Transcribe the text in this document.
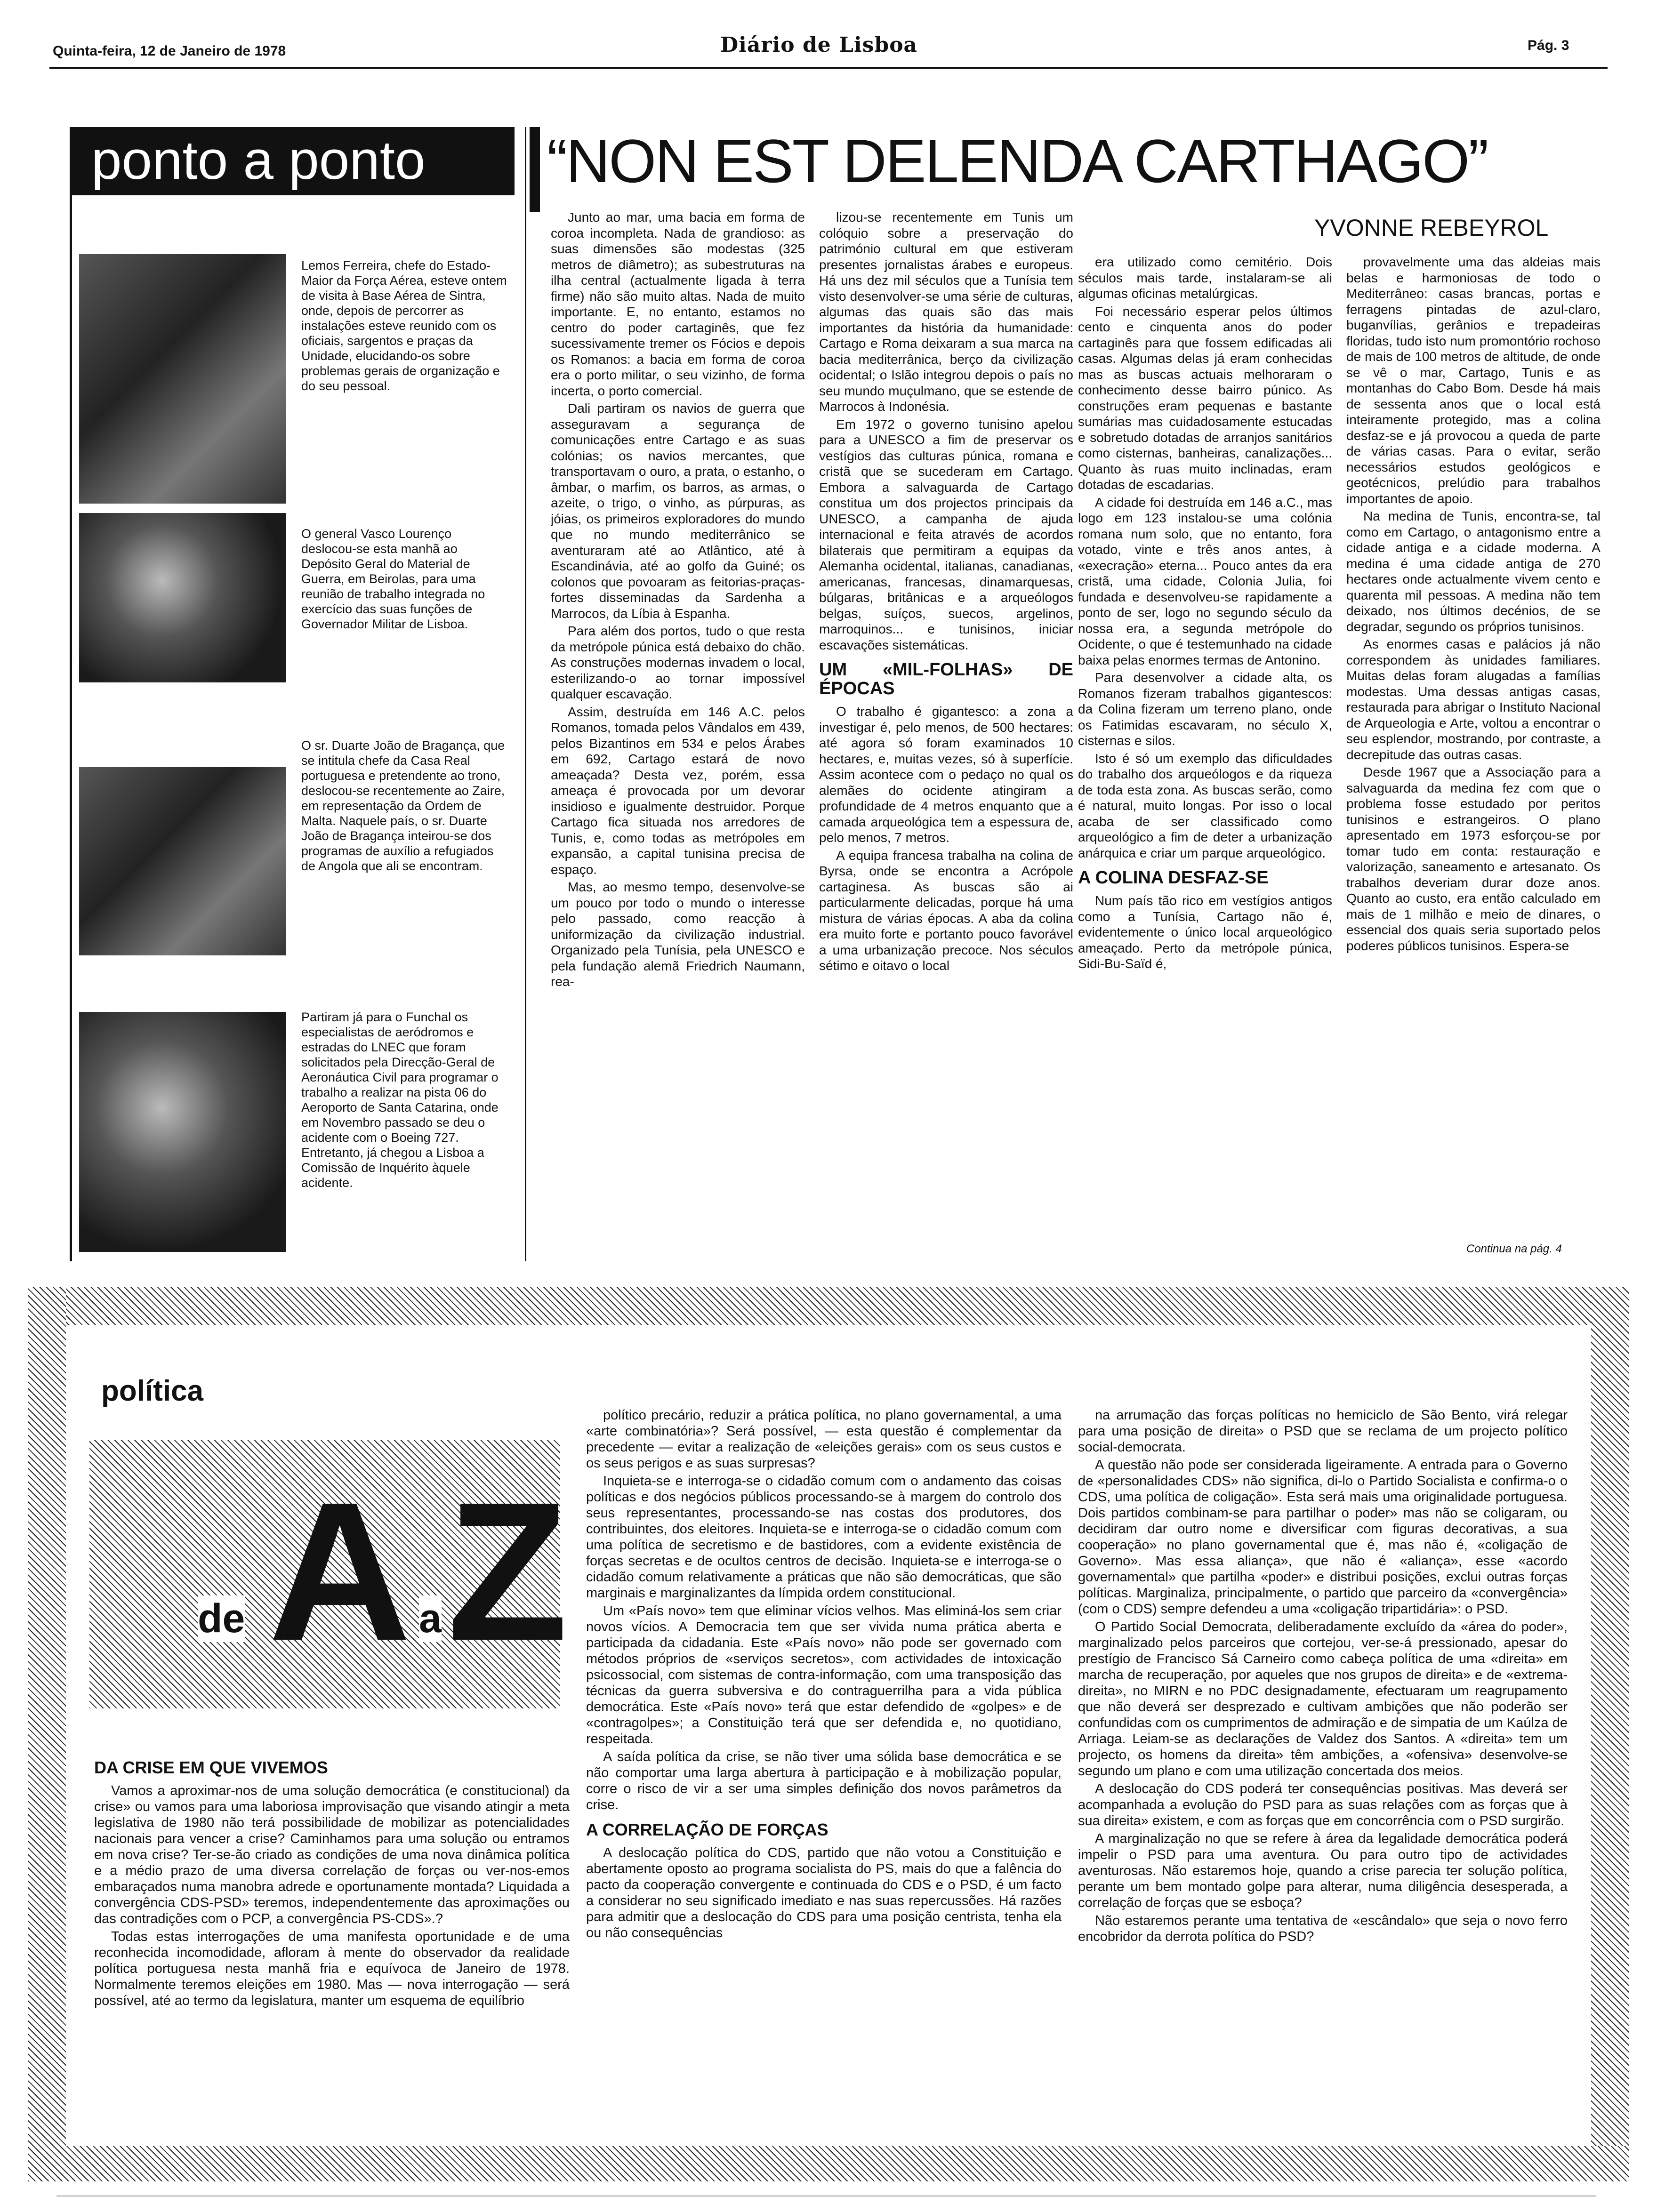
Quinta-feira, 12 de Janeiro de 1978	Diário de Lisboa	Pág. 3
ponto a ponto
Lemos Ferreira, chefe do Estado-Maior da Força Aérea, esteve ontem de visita à Base Aérea de Sintra, onde, depois de percorrer as instalações esteve reunido com os oficiais, sargentos e praças da Unidade, elucidando-os sobre problemas gerais de organização e do seu pessoal.
O general Vasco Lourenço deslocou-se esta manhã ao Depósito Geral do Material de Guerra, em Beirolas, para uma reunião de trabalho integrada no exercício das suas funções de Governador Militar de Lisboa.
O sr. Duarte João de Bragança, que se intitula chefe da Casa Real portuguesa e pretendente ao trono, deslocou-se recentemente ao Zaire, em representação da Ordem de Malta. Naquele país, o sr. Duarte João de Bragança inteirou-se dos programas de auxílio a refugiados de Angola que ali se encontram.
Partiram já para o Funchal os especialistas de aeródromos e estradas do LNEC que foram solicitados pela Direcção-Geral de Aeronáutica Civil para programar o trabalho a realizar na pista 06 do Aeroporto de Santa Catarina, onde em Novembro passado se deu o acidente com o Boeing 727. Entretanto, já chegou a Lisboa a Comissão de Inquérito àquele acidente.
“NON EST DELENDA CARTHAGO”
YVONNE REBEYROL

Junto ao mar, uma bacia em forma de coroa incompleta. Nada de grandioso: as suas dimensões são modestas (325 metros de diâmetro); as subestruturas na ilha central (actualmente ligada à terra firme) não são muito altas. Nada de muito importante. E, no entanto, estamos no centro do poder cartaginês, que fez sucessivamente tremer os Fócios e depois os Romanos: a bacia em forma de coroa era o porto militar, o seu vizinho, de forma incerta, o porto comercial.

Dali partiram os navios de guerra que asseguravam a segurança de comunicações entre Cartago e as suas colónias; os navios mercantes, que transportavam o ouro, a prata, o estanho, o âmbar, o marfim, os barros, as armas, o azeite, o trigo, o vinho, as púrpuras, as jóias, os primeiros exploradores do mundo que no mundo mediterrânico se aventuraram até ao Atlântico, até à Escandinávia, até ao golfo da Guiné; os colonos que povoaram as feitorias-praças-fortes disseminadas da Sardenha a Marrocos, da Líbia à Espanha.

Para além dos portos, tudo o que resta da metrópole púnica está debaixo do chão. As construções modernas invadem o local, esterilizando-o ao tornar impossível qualquer escavação.

Assim, destruída em 146 A.C. pelos Romanos, tomada pelos Vândalos em 439, pelos Bizantinos em 534 e pelos Árabes em 692, Cartago estará de novo ameaçada? Desta vez, porém, essa ameaça é provocada por um devorar insidioso e igualmente destruidor. Porque Cartago fica situada nos arredores de Tunis, e, como todas as metrópoles em expansão, a capital tunisina precisa de espaço.

Mas, ao mesmo tempo, desenvolve-se um pouco por todo o mundo o interesse pelo passado, como reacção à uniformização da civilização industrial. Organizado pela Tunísia, pela UNESCO e pela fundação alemã Friedrich Naumann, rea-

lizou-se recentemente em Tunis um colóquio sobre a preservação do património cultural em que estiveram presentes jornalistas árabes e europeus. Há uns dez mil séculos que a Tunísia tem visto desenvolver-se uma série de culturas, algumas das quais são das mais importantes da história da humanidade: Cartago e Roma deixaram a sua marca na bacia mediterrânica, berço da civilização ocidental; o Islão integrou depois o país no seu mundo muçulmano, que se estende de Marrocos à Indonésia.

Em 1972 o governo tunisino apelou para a UNESCO a fim de preservar os vestígios das culturas púnica, romana e cristã que se sucederam em Cartago. Embora a salvaguarda de Cartago constitua um dos projectos principais da UNESCO, a campanha de ajuda internacional e feita através de acordos bilaterais que permitiram a equipas da Alemanha ocidental, italianas, canadianas, americanas, francesas, dinamarquesas, búlgaras, britânicas e a arqueólogos belgas, suíços, suecos, argelinos, marroquinos... e tunisinos, iniciar escavações sistemáticas.

UM «MIL-FOLHAS» DE ÉPOCAS

O trabalho é gigantesco: a zona a investigar é, pelo menos, de 500 hectares: até agora só foram examinados 10 hectares, e, muitas vezes, só à superfície. Assim acontece com o pedaço no qual os alemães do ocidente atingiram a profundidade de 4 metros enquanto que a camada arqueológica tem a espessura de, pelo menos, 7 metros.

A equipa francesa trabalha na colina de Byrsa, onde se encontra a Acrópole cartaginesa. As buscas são ai particularmente delicadas, porque há uma mistura de várias épocas. A aba da colina era muito forte e portanto pouco favorável a uma urbanização precoce. Nos séculos sétimo e oitavo o local

era utilizado como cemitério. Dois séculos mais tarde, instalaram-se ali algumas oficinas metalúrgicas.

Foi necessário esperar pelos últimos cento e cinquenta anos do poder cartaginês para que fossem edificadas ali casas. Algumas delas já eram conhecidas mas as buscas actuais melhoraram o conhecimento desse bairro púnico. As construções eram pequenas e bastante sumárias mas cuidadosamente estucadas e sobretudo dotadas de arranjos sanitários como cisternas, banheiras, canalizações... Quanto às ruas muito inclinadas, eram dotadas de escadarias.

A cidade foi destruída em 146 a.C., mas logo em 123 instalou-se uma colónia romana num solo, que no entanto, fora votado, vinte e três anos antes, à «execração» eterna... Pouco antes da era cristã, uma cidade, Colonia Julia, foi fundada e desenvolveu-se rapidamente a ponto de ser, logo no segundo século da nossa era, a segunda metrópole do Ocidente, o que é testemunhado na cidade baixa pelas enormes termas de Antonino.

Para desenvolver a cidade alta, os Romanos fizeram trabalhos gigantescos: da Colina fizeram um terreno plano, onde os Fatimidas escavaram, no século X, cisternas e silos.

Isto é só um exemplo das dificuldades do trabalho dos arqueólogos e da riqueza de toda esta zona. As buscas serão, como é natural, muito longas. Por isso o local acaba de ser classificado como arqueológico a fim de deter a urbanização anárquica e criar um parque arqueológico.

A COLINA DESFAZ-SE

Num país tão rico em vestígios antigos como a Tunísia, Cartago não é, evidentemente o único local arqueológico ameaçado. Perto da metrópole púnica, Sidi-Bu-Saïd é,

provavelmente uma das aldeias mais belas e harmoniosas de todo o Mediterrâneo: casas brancas, portas e ferragens pintadas de azul-claro, buganvílias, gerânios e trepadeiras floridas, tudo isto num promontório rochoso de mais de 100 metros de altitude, de onde se vê o mar, Cartago, Tunis e as montanhas do Cabo Bom. Desde há mais de sessenta anos que o local está inteiramente protegido, mas a colina desfaz-se e já provocou a queda de parte de várias casas. Para o evitar, serão necessários estudos geológicos e geotécnicos, prelúdio para trabalhos importantes de apoio.

Na medina de Tunis, encontra-se, tal como em Cartago, o antagonismo entre a cidade antiga e a cidade moderna. A medina é uma cidade antiga de 270 hectares onde actualmente vivem cento e quarenta mil pessoas. A medina não tem deixado, nos últimos decénios, de se degradar, segundo os próprios tunisinos.

As enormes casas e palácios já não correspondem às unidades familiares. Muitas delas foram alugadas a famílias modestas. Uma dessas antigas casas, restaurada para abrigar o Instituto Nacional de Arqueologia e Arte, voltou a encontrar o seu esplendor, mostrando, por contraste, a decrepitude das outras casas.

Desde 1967 que a Associação para a salvaguarda da medina fez com que o problema fosse estudado por peritos tunisinos e estrangeiros. O plano apresentado em 1973 esforçou-se por tomar tudo em conta: restauração e valorização, saneamento e artesanato. Os trabalhos deveriam durar doze anos. Quanto ao custo, era então calculado em mais de 1 milhão e meio de dinares, o essencial dos quais seria suportado pelos poderes públicos tunisinos. Espera-se

Continua na pág. 4
política
de A a Z
DA CRISE EM QUE VIVEMOS

Vamos a aproximar-nos de uma solução democrática (e constitucional) da crise» ou vamos para uma laboriosa improvisação que visando atingir a meta legislativa de 1980 não terá possibilidade de mobilizar as potencialidades nacionais para vencer a crise? Caminhamos para uma solução ou entramos em nova crise? Ter-se-ão criado as condições de uma nova dinâmica política e a médio prazo de uma diversa correlação de forças ou ver-nos-emos embaraçados numa manobra adrede e oportunamente montada? Liquidada a convergência CDS-PSD» teremos, independentemente das aproximações ou das contradições com o PCP, a convergência PS-CDS».?

Todas estas interrogações de uma manifesta oportunidade e de uma reconhecida incomodidade, afloram à mente do observador da realidade política portuguesa nesta manhã fria e equívoca de Janeiro de 1978. Normalmente teremos eleições em 1980. Mas — nova interrogação — será possível, até ao termo da legislatura, manter um esquema de equilíbrio

político precário, reduzir a prática política, no plano governamental, a uma «arte combinatória»? Será possível, — esta questão é complementar da precedente — evitar a realização de «eleições gerais» com os seus custos e os seus perigos e as suas surpresas?

Inquieta-se e interroga-se o cidadão comum com o andamento das coisas políticas e dos negócios públicos processando-se à margem do controlo dos seus representantes, processando-se nas costas dos produtores, dos contribuintes, dos eleitores. Inquieta-se e interroga-se o cidadão comum com uma política de secretismo e de bastidores, com a evidente existência de forças secretas e de ocultos centros de decisão. Inquieta-se e interroga-se o cidadão comum relativamente a práticas que não são democráticas, que são marginais e marginalizantes da límpida ordem constitucional.

Um «País novo» tem que eliminar vícios velhos. Mas eliminá-los sem criar novos vícios. A Democracia tem que ser vivida numa prática aberta e participada da cidadania. Este «País novo» não pode ser governado com métodos próprios de «serviços secretos», com actividades de intoxicação psicossocial, com sistemas de contra-informação, com uma transposição das técnicas da guerra subversiva e do contraguerrilha para a vida pública democrática. Este «País novo» terá que estar defendido de «golpes» e de «contragolpes»; a Constituição terá que ser defendida e, no quotidiano, respeitada.

A saída política da crise, se não tiver uma sólida base democrática e se não comportar uma larga abertura à participação e à mobilização popular, corre o risco de vir a ser uma simples definição dos novos parâmetros da crise.

A CORRELAÇÃO DE FORÇAS

A deslocação política do CDS, partido que não votou a Constituição e abertamente oposto ao programa socialista do PS, mais do que a falência do pacto da cooperação convergente e continuada do CDS e o PSD, é um facto a considerar no seu significado imediato e nas suas repercussões. Há razões para admitir que a deslocação do CDS para uma posição centrista, tenha ela ou não consequências

na arrumação das forças políticas no hemiciclo de São Bento, virá relegar para uma posição de direita» o PSD que se reclama de um projecto político social-democrata.

A questão não pode ser considerada ligeiramente. A entrada para o Governo de «personalidades CDS» não significa, di-lo o Partido Socialista e confirma-o o CDS, uma política de coligação». Esta será mais uma originalidade portuguesa. Dois partidos combinam-se para partilhar o poder» mas não se coligaram, ou decidiram dar outro nome e diversificar com figuras decorativas, a sua cooperação» no plano governamental que é, mas não é, «coligação de Governo». Mas essa aliança», que não é «aliança», esse «acordo governamental» que partilha «poder» e distribui posições, exclui outras forças políticas. Marginaliza, principalmente, o partido que parceiro da «convergência» (com o CDS) sempre defendeu a uma «coligação tripartidária»: o PSD.

O Partido Social Democrata, deliberadamente excluído da «área do poder», marginalizado pelos parceiros que cortejou, ver-se-á pressionado, apesar do prestígio de Francisco Sá Carneiro como cabeça política de uma «direita» em marcha de recuperação, por aqueles que nos grupos de direita» e de «extrema-direita», no MIRN e no PDC designadamente, efectuaram um reagrupamento que não deverá ser desprezado e cultivam ambições que não poderão ser confundidas com os cumprimentos de admiração e de simpatia de um Kaúlza de Arriaga. Leiam-se as declarações de Valdez dos Santos. A «direita» tem um projecto, os homens da direita» têm ambições, a «ofensiva» desenvolve-se segundo um plano e com uma utilização concertada dos meios.

A deslocação do CDS poderá ter consequências positivas. Mas deverá ser acompanhada a evolução do PSD para as suas relações com as forças que à sua direita» existem, e com as forças que em concorrência com o PSD surgirão.

A marginalização no que se refere à área da legalidade democrática poderá impelir o PSD para uma aventura. Ou para outro tipo de actividades aventurosas. Não estaremos hoje, quando a crise parecia ter solução política, perante um bem montado golpe para alterar, numa diligência desesperada, a correlação de forças que se esboça?

Não estaremos perante uma tentativa de «escândalo» que seja o novo ferro encobridor da derrota política do PSD?
